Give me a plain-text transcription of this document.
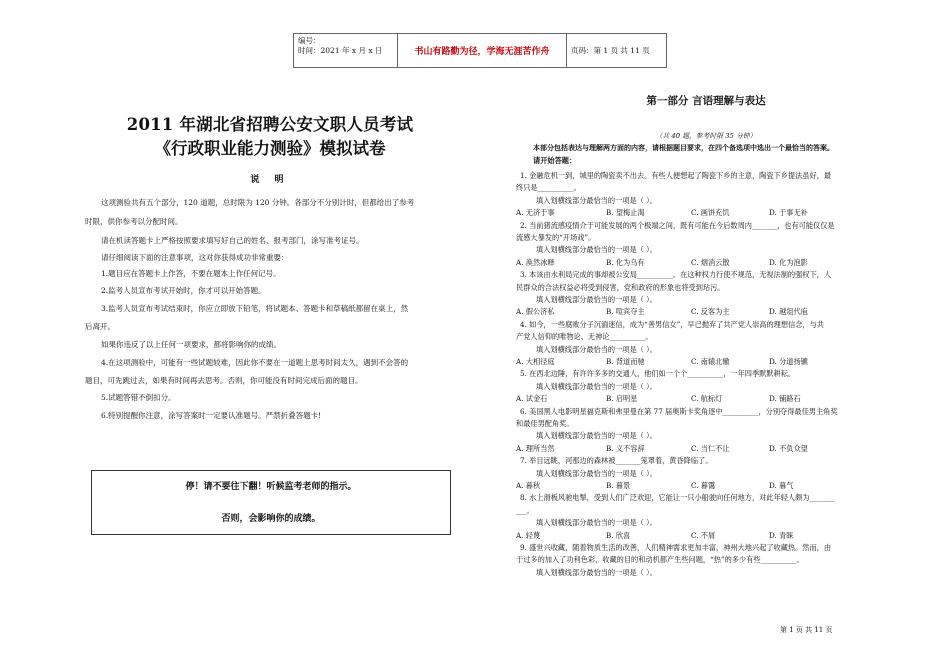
编号：
时间：2021 年 x 月 x 日	书山有路勤为径，学海无涯苦作舟	页码：第 1 页 共 11 页
2011 年湖北省招聘公安文职人员考试
《行政职业能力测验》模拟试卷
说 明
这项测验共有五个部分，120 道题，总时限为 120 分钟。各部分不分别计时，但都给出了参考
时限，供你参考以分配时间。
请在机读答题卡上严格按照要求填写好自己的姓名、报考部门，涂写准考证号。
请仔细阅读下面的注意事项，这对你获得成功非常重要：
1.题目应在答题卡上作答，不要在题本上作任何记号。
2.监考人员宣布考试开始时，你才可以开始答题。
3.监考人员宣布考试结束时，你应立即放下铅笔，将试题本、答题卡和草稿纸都留在桌上，然
后离开。
如果你违反了以上任何一项要求，都将影响你的成绩。
4.在这项测验中，可能有一些试题较难，因此你不要在一道题上思考时间太久，遇到不会答的
题目，可先跳过去，如果有时间再去思考。否则，你可能没有时间完成后面的题目。
5.试题答错不倒扣分。
6.特别提醒你注意，涂写答案时一定要认准题号。严禁折叠答题卡!
停！请不要往下翻！听候监考老师的指示。
否则，会影响你的成绩。
第一部分 言语理解与表达
（共 40 题，参考时限 35 分钟）
本部分包括表达与理解两方面的内容，请根据题目要求，在四个备选项中选出一个最恰当的答案。
请开始答题：
1. 金融危机一到，城里的陶瓷卖不出去。有些人便想起了陶瓷下乡的主意，陶瓷下乡提法虽好，最
终只是__________。
填入划横线部分最恰当的一项是（ ）。
A. 无济于事	B. 望梅止渴	C. 画饼充饥	D. 于事无补
2. 当前猪流感疫情介于可能发展的两个极端之间，既有可能在今后数周内_______，也有可能仅仅是
流感大暴发的“开场戏”。
填入划横线部分最恰当的一项是（ ）。
A. 涣然冰释	B. 化为乌有	C. 烟消云散	D. 化为泡影
3. 本该由水利局完成的事却被公安局__________。在这种权力行使不规范，无视法制的强权下，人
民群众的合法权益必将受到侵害，党和政府的形象也将受到玷污。
填入划横线部分最恰当的一项是（ ）。
A. 假公济私	B. 喧宾夺主	C. 反客为主	D. 越俎代庖
4. 如今，一些腐败分子沉湎迷信，成为“善男信女”，早已抛弃了共产党人崇高的理想信念，与共
产党人信仰的唯物论、无神论__________。
填入划横线部分最恰当的一项是（ ）。
A. 大相径庭	B. 背道而驰	C. 南辕北辙	D. 分道扬镳
5. 在西北边陲，有许许多多的交通人，他们如一个个__________，一年四季默默耕耘。
填入划横线部分最恰当的一项是（ ）。
A. 试金石	B. 启明星	C. 航标灯	D. 铺路石
6. 美国黑人电影明星福克斯和弗里曼在第 77 届奥斯卡奖角逐中__________，分别夺得最佳男主角奖
和最佳男配角奖。
填入划横线部分最恰当的一项是（ ）。
A. 理所当然	B. 义不容辞	C. 当仁不让	D. 不负众望
7. 举目远眺，河那边的森林被_______笼罩着，黄昏降临了。
填入划横线部分最恰当的一项是（ ）。
A. 暮秋	B. 暮景	C. 暮霭	D. 暮气
8. 水上滑板风驰电掣，受到人们广泛欢迎，它能让一只小船驶向任何地方，对此年轻人颇为_______
___。
填入划横线部分最恰当的一项是（ ）。
A. 轻蔑	B. 欣喜	C. 不屑	D. 青睐
9. 盛世兴收藏，随着物质生活的改善，人们精神需求更加丰富，神州大地兴起了收藏热。然而，由
于过多的加入了功利色彩，收藏的目的和动机都产生些问题，“热”的多少有些__________。
填入划横线部分最恰当的一项是（ ）。
第 1 页 共 11 页
